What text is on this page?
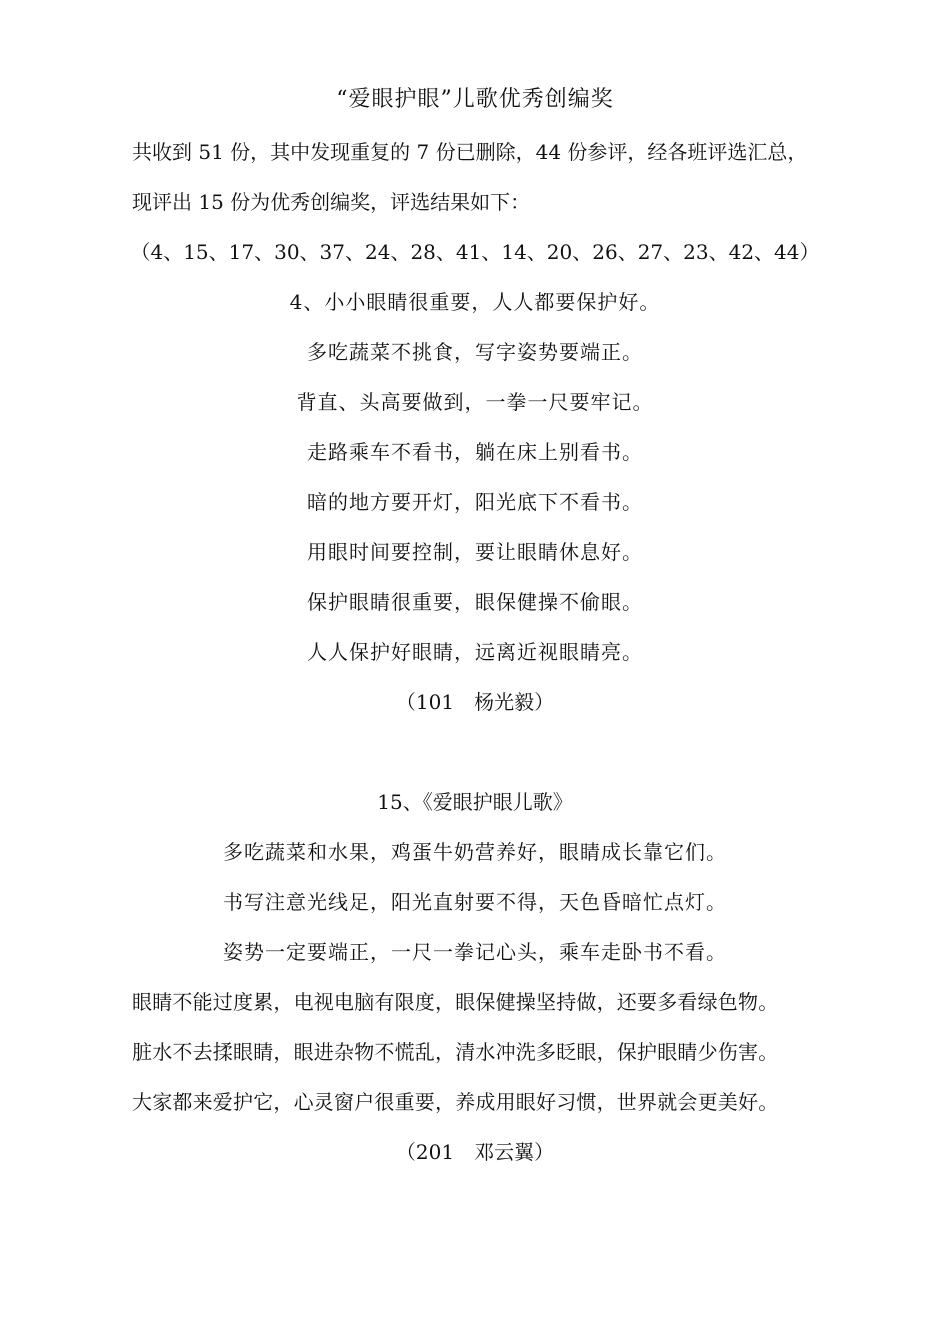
“爱眼护眼”儿歌优秀创编奖
共收到 51 份，其中发现重复的 7 份已删除，44 份参评，经各班评选汇总，
现评出 15 份为优秀创编奖，评选结果如下：
（4、15、17、30、37、24、28、41、14、20、26、27、23、42、44）
4、小小眼睛很重要，人人都要保护好。
多吃蔬菜不挑食，写字姿势要端正。
背直、头高要做到，一拳一尺要牢记。
走路乘车不看书，躺在床上别看书。
暗的地方要开灯，阳光底下不看书。
用眼时间要控制，要让眼睛休息好。
保护眼睛很重要，眼保健操不偷眼。
人人保护好眼睛，远离近视眼睛亮。
（101　杨光毅）
15、《爱眼护眼儿歌》
多吃蔬菜和水果，鸡蛋牛奶营养好，眼睛成长靠它们。
书写注意光线足，阳光直射要不得，天色昏暗忙点灯。
姿势一定要端正，一尺一拳记心头，乘车走卧书不看。
眼睛不能过度累，电视电脑有限度，眼保健操坚持做，还要多看绿色物。
脏水不去揉眼睛，眼进杂物不慌乱，清水冲洗多眨眼，保护眼睛少伤害。
大家都来爱护它，心灵窗户很重要，养成用眼好习惯，世界就会更美好。
（201　邓云翼）
